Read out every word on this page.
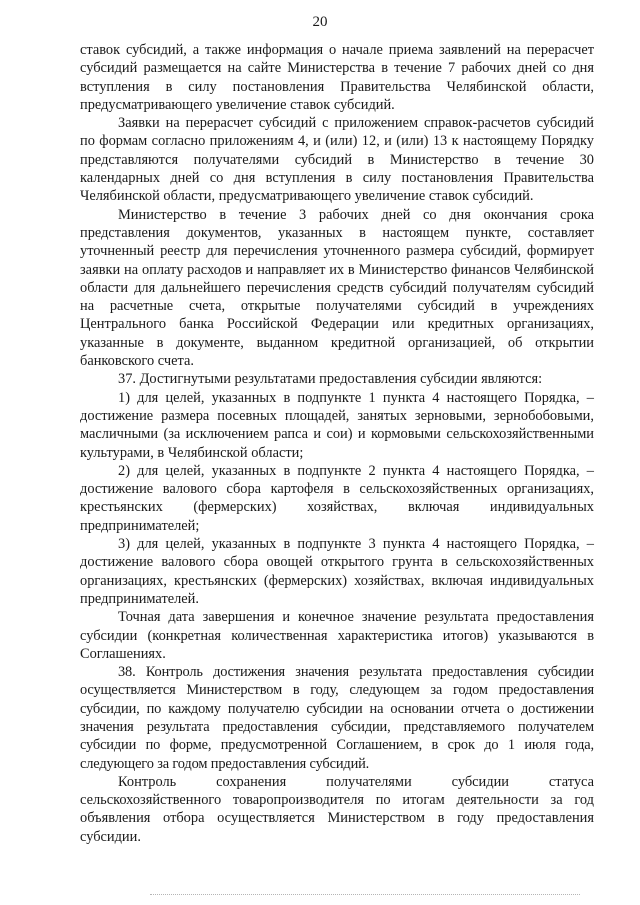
20

ставок субсидий, а также информация о начале приема заявлений на перерасчет субсидий размещается на сайте Министерства в течение 7 рабочих дней со дня вступления в силу постановления Правительства Челябинской области, предусматривающего увеличение ставок субсидий.

Заявки на перерасчет субсидий с приложением справок-расчетов субсидий по формам согласно приложениям 4, и (или) 12, и (или) 13 к настоящему Порядку представляются получателями субсидий в Министерство в течение 30 календарных дней со дня вступления в силу постановления Правительства Челябинской области, предусматривающего увеличение ставок субсидий.

Министерство в течение 3 рабочих дней со дня окончания срока представления документов, указанных в настоящем пункте, составляет уточненный реестр для перечисления уточненного размера субсидий, формирует заявки на оплату расходов и направляет их в Министерство финансов Челябинской области для дальнейшего перечисления средств субсидий получателям субсидий на расчетные счета, открытые получателями субсидий в учреждениях Центрального банка Российской Федерации или кредитных организациях, указанные в документе, выданном кредитной организацией, об открытии банковского счета.

37. Достигнутыми результатами предоставления субсидии являются:

1) для целей, указанных в подпункте 1 пункта 4 настоящего Порядка, – достижение размера посевных площадей, занятых зерновыми, зернобобовыми, масличными (за исключением рапса и сои) и кормовыми сельскохозяйственными культурами, в Челябинской области;

2) для целей, указанных в подпункте 2 пункта 4 настоящего Порядка, – достижение валового сбора картофеля в сельскохозяйственных организациях, крестьянских (фермерских) хозяйствах, включая индивидуальных предпринимателей;

3) для целей, указанных в подпункте 3 пункта 4 настоящего Порядка, – достижение валового сбора овощей открытого грунта в сельскохозяйственных организациях, крестьянских (фермерских) хозяйствах, включая индивидуальных предпринимателей.

Точная дата завершения и конечное значение результата предоставления субсидии (конкретная количественная характеристика итогов) указываются в Соглашениях.

38. Контроль достижения значения результата предоставления субсидии осуществляется Министерством в году, следующем за годом предоставления субсидии, по каждому получателю субсидии на основании отчета о достижении значения результата предоставления субсидии, представляемого получателем субсидии по форме, предусмотренной Соглашением, в срок до 1 июля года, следующего за годом предоставления субсидий.

Контроль сохранения получателями субсидии статуса

сельскохозяйственного товаропроизводителя по итогам деятельности за год объявления отбора осуществляется Министерством в году предоставления субсидии.
